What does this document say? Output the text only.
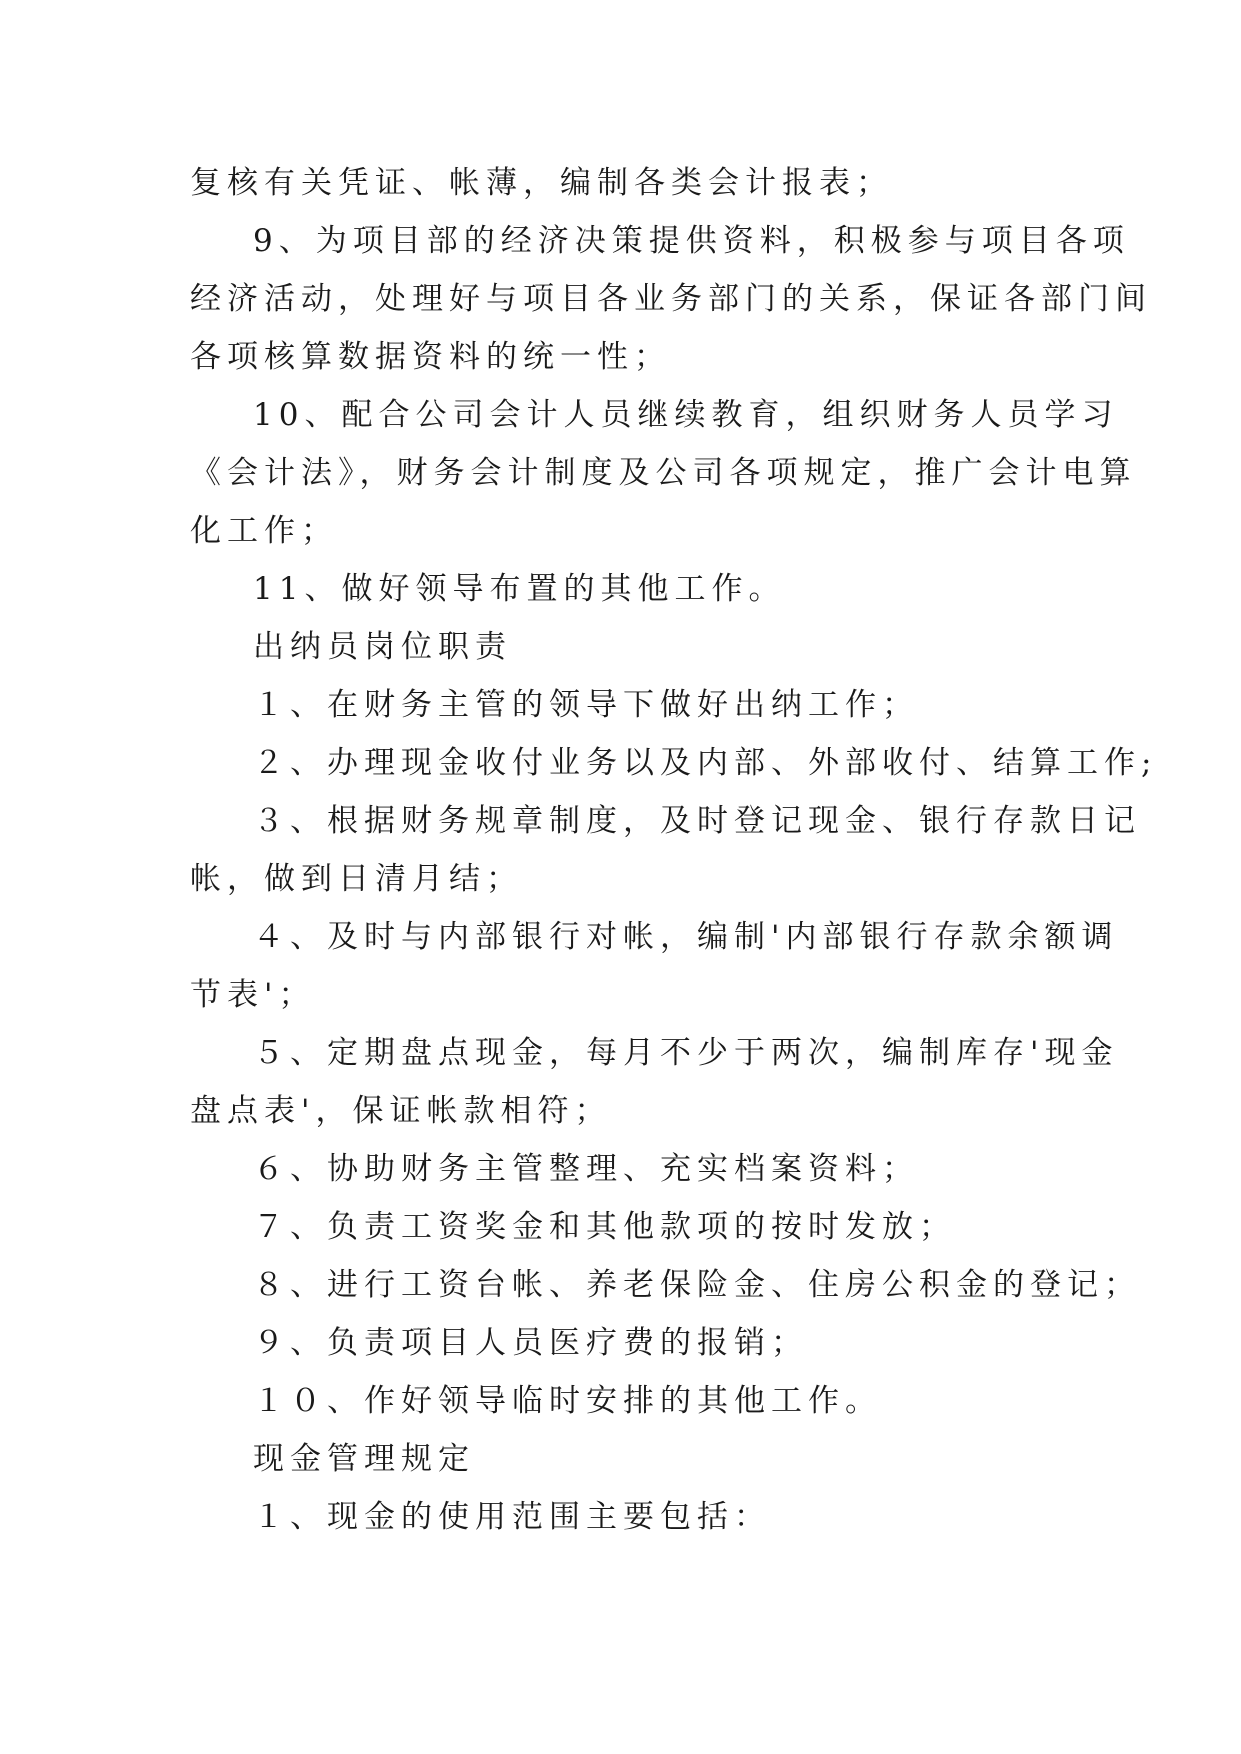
复核有关凭证、帐薄，编制各类会计报表；
9、为项目部的经济决策提供资料，积极参与项目各项
经济活动，处理好与项目各业务部门的关系，保证各部门间
各项核算数据资料的统一性；
10、配合公司会计人员继续教育，组织财务人员学习
《会计法》，财务会计制度及公司各项规定，推广会计电算
化工作；
11、做好领导布置的其他工作。
出纳员岗位职责
１、在财务主管的领导下做好出纳工作；
２、办理现金收付业务以及内部、外部收付、结算工作;
３、根据财务规章制度，及时登记现金、银行存款日记
帐，做到日清月结；
４、及时与内部银行对帐，编制'内部银行存款余额调
节表'；
５、定期盘点现金，每月不少于两次，编制库存'现金
盘点表'，保证帐款相符；
６、协助财务主管整理、充实档案资料；
７、负责工资奖金和其他款项的按时发放；
８、进行工资台帐、养老保险金、住房公积金的登记；
９、负责项目人员医疗费的报销；
１０、作好领导临时安排的其他工作。
现金管理规定
１、现金的使用范围主要包括：
